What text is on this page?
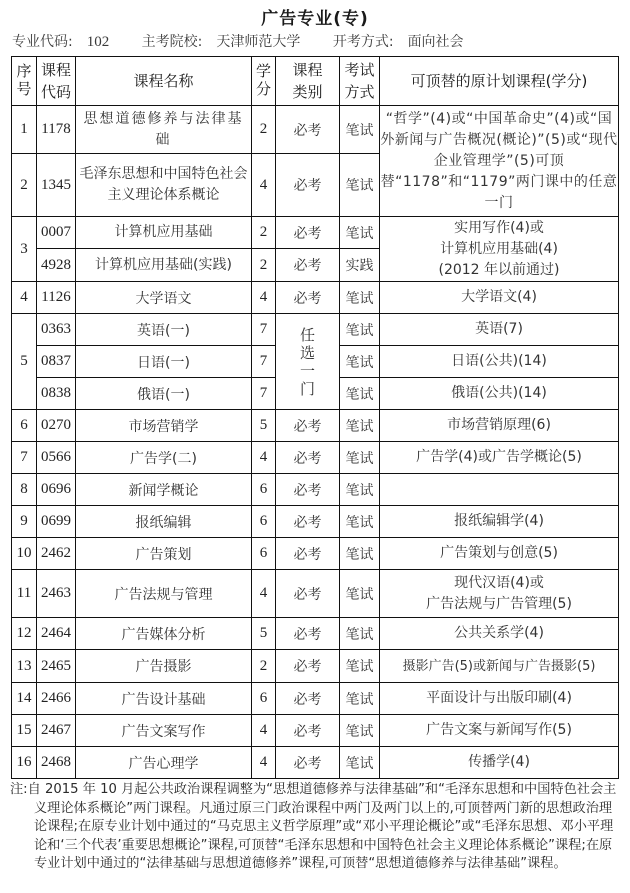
广告专业(专)
专业代码: 102 主考院校: 天津师范大学 开考方式: 面向社会
序号	课程代码	课程名称	学分	课程类别	考试方式	可顶替的原计划课程(学分)
1	1178	思想道德修养与法律基础	2	必考	笔试	“哲学”(4)或“中国革命史”(4)或“国外新闻与广告概况(概论)”(5)或“现代企业管理学”(5)可顶替“1178”和“1179”两门课中的任意一门
2	1345	毛泽东思想和中国特色社会主义理论体系概论	4	必考	笔试	
3	0007	计算机应用基础	2	必考	笔试	实用写作(4)或
计算机应用基础(4)
(2012 年以前通过)

	4928	计算机应用基础(实践)	2	必考	实践	
4	1126	大学语文	4	必考	笔试	大学语文(4)
5	0363	英语(一)	7	任选一门	笔试	英语(7)
	0837	日语(一)	7		笔试	日语(公共)(14)
	0838	俄语(一)	7		笔试	俄语(公共)(14)
6	0270	市场营销学	5	必考	笔试	市场营销原理(6)
7	0566	广告学(二)	4	必考	笔试	广告学(4)或广告学概论(5)
8	0696	新闻学概论	6	必考	笔试	
9	0699	报纸编辑	6	必考	笔试	报纸编辑学(4)
10	2462	广告策划	6	必考	笔试	广告策划与创意(5)
11	2463	广告法规与管理	4	必考	笔试	现代汉语(4)或
广告法规与广告管理(5)

12	2464	广告媒体分析	5	必考	笔试	公共关系学(4)
13	2465	广告摄影	2	必考	笔试	摄影广告(5)或新闻与广告摄影(5)
14	2466	广告设计基础	6	必考	笔试	平面设计与出版印刷(4)
15	2467	广告文案写作	4	必考	笔试	广告文案与新闻写作(5)
16	2468	广告心理学	4	必考	笔试	传播学(4)
注:自 2015 年 10 月起公共政治课程调整为“思想道德修养与法律基础”和“毛泽东思想和中国特色社会主义理论体系概论”两门课程。凡通过原三门政治课程中两门及两门以上的,可顶替两门新的思想政治理论课程;在原专业计划中通过的“马克思主义哲学原理”或“邓小平理论概论”或“毛泽东思想、邓小平理论和‘三个代表’重要思想概论”课程,可顶替“毛泽东思想和中国特色社会主义理论体系概论”课程;在原专业计划中通过的“法律基础与思想道德修养”课程,可顶替“思想道德修养与法律基础”课程。
